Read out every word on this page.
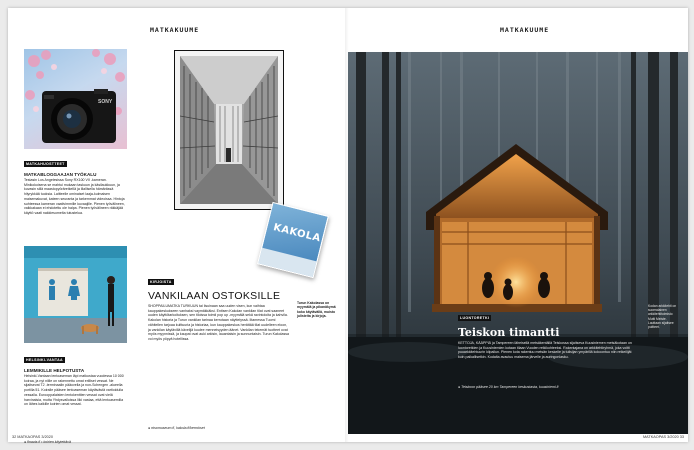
MATKAKUUME
SONY
MATKAHUOSTTEET
MATKABLOGGAAJAN TYÖKALU
Testasin Los Angelesissa Sony RX100 VII -kameran. Minikokoisena se mahtui mukaan taskuun ja käsilaukkuun, ja kuvasin sillä maastopyöräretkellä ja illallisella hämärässä hiiyrykkää tuoksia. Laitteelle ominaiset laaja-kulmaisen maisemakuvat, kateen seuranta ja tarkemmat videoissa. Hintoja suhteessa kameran vaativimmille kuvaajille. Pienen työvälineen, vaikkakaan ei ehdotettu ole halpa. Pienen työvälineen räkkäjää käyttö vaati nakkiesomelta tutustelua.
HELSINKI-VANTAA
LEMMIKILLE HELPOTUSTA
Helsinki-Vantaan lentoaseman läpi matkustaa vuodessa 10 000 koiraa, ja nyt niille on rakennettu omat erilliset vessat. Ne sijaitsevat T2 -terminaalin pääovella ja non-Schengen -alueella portilla 51. Koiralle pääsee lentoaseman käytävästä vartioidulla vessalla. Eurooppalaisten lentokenttien vessat ovat vielä harvinaisia, mutta Yhdysvalloissa liiki vastaa, että lentoasemilla on lähes kaikille koirien omat vessat.
● finavia.fi • koirien käytettävä
KAKOLA
Turun Kakolassa on myymälä ja pikanäkymä koko käytävällä, muisto julisteita ja kirjoja.
KIRJOISTA
VANKILAAN OSTOKSILLE
SHOPPAILUMATKA TURKUUN tai lisuinaan saa uuden visen, kun vaihtaa kauppakeskukseen vanhaksi vaymäkkäksi. Entisen Kakolan vankilan tilat ovat saaneet uuden käyttötarkoituksen, sen tiloissa toimii pop up -myymälä sekä ravintoloita ja kahvila. Kakolan historia ja Turun vankilan tarinaa kerrotaan näyttelyssä. Iltamessa Tuomi vähitellen tarjoaa kulttuuria ja historiaa, kun kauppakeskus herättää tilat uudelleen eloon, ja vankilan käytävillä kävelijä kuulee menneisyyden äänet. Vankilan tekemät tuotteet ovat myös myynnissä, ja kaupat ovat auki arkisin, lauantaisin ja sunnuntaisin. Turun Kakolassa voi myös yöpyä hotellissa.
● ntsomuseum.fi, kakola.fi/kerrokset
32 MATKAOPAS 3/2020
MATKAKUUME
LUONTORETKI
Teiskon timantti
KETTOJA, KÄÄPPIÄ ja Tampereen läheisellä metsäkentällä Teiskossa sijaitseva Kuusiniemen metsäkotaan on luontoretkien ja Kuusiniemien kotaan tilaan Vuoden retkikohteeksi. Rakentajana on arkkitehtiryhmä, joka voitti puuarkkitehtuurin kilpailun. Pienen kota rakentuu metsän keskelle ja tulisijan ympärillä kokoontuu niin retkeilijät kuin paikallisetkin. Kodalta avautuu maisema järvelle ja auringonlasku.
● Teiskoon pääsee 20 km Tampereen keskustasta, kuusiniemi.fi
Kodan arkkitehti on suomalainen arkkitehtitoimisto Mutti Meiste. Lauttaan sijaitsee puitteet.
MATKAOPAS 3/2020 33
